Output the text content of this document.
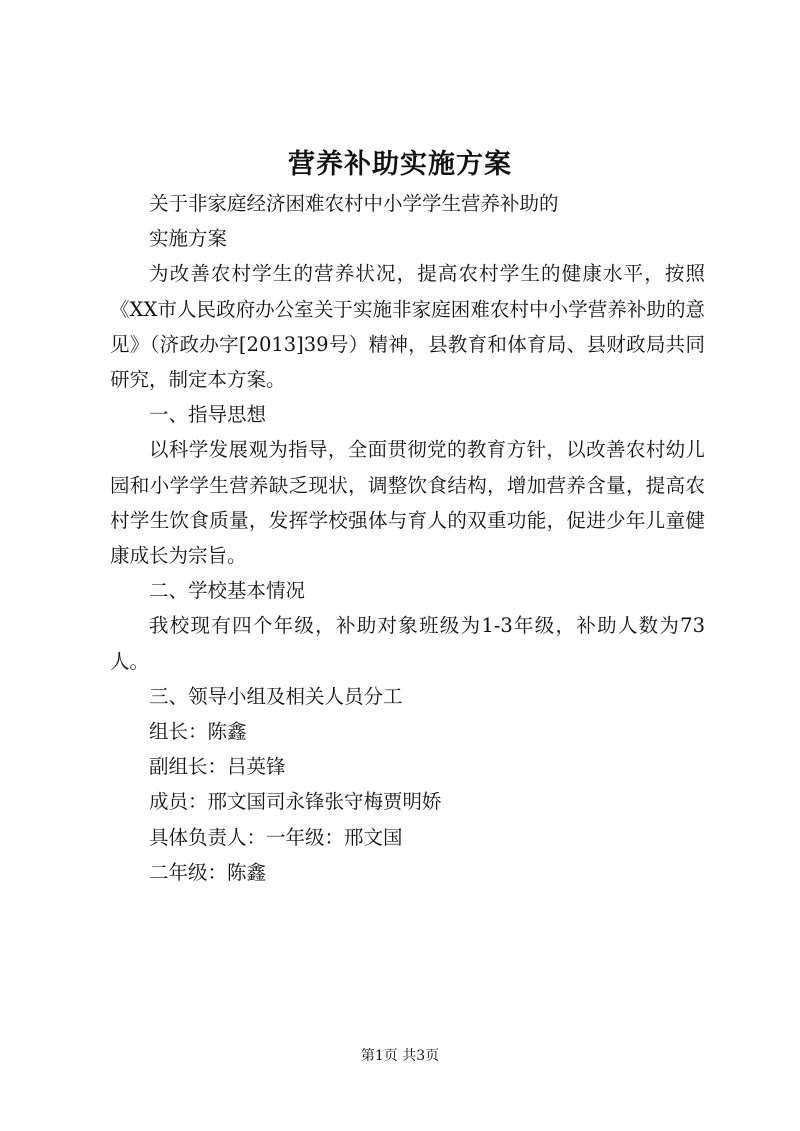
营养补助实施方案

关于非家庭经济困难农村中小学学生营养补助的

实施方案

为改善农村学生的营养状况，提高农村学生的健康水平，按照《XX市人民政府办公室关于实施非家庭困难农村中小学营养补助的意见》（济政办字[2013]39号）精神，县教育和体育局、县财政局共同研究，制定本方案。

一、指导思想

以科学发展观为指导，全面贯彻党的教育方针，以改善农村幼儿园和小学学生营养缺乏现状，调整饮食结构，增加营养含量，提高农村学生饮食质量，发挥学校强体与育人的双重功能，促进少年儿童健康成长为宗旨。

二、学校基本情况

我校现有四个年级，补助对象班级为1-3年级，补助人数为73人。

三、领导小组及相关人员分工

组长：陈鑫

副组长：吕英锋

成员：邢文国司永锋张守梅贾明娇

具体负责人：一年级：邢文国

二年级：陈鑫

第1页 共3页
